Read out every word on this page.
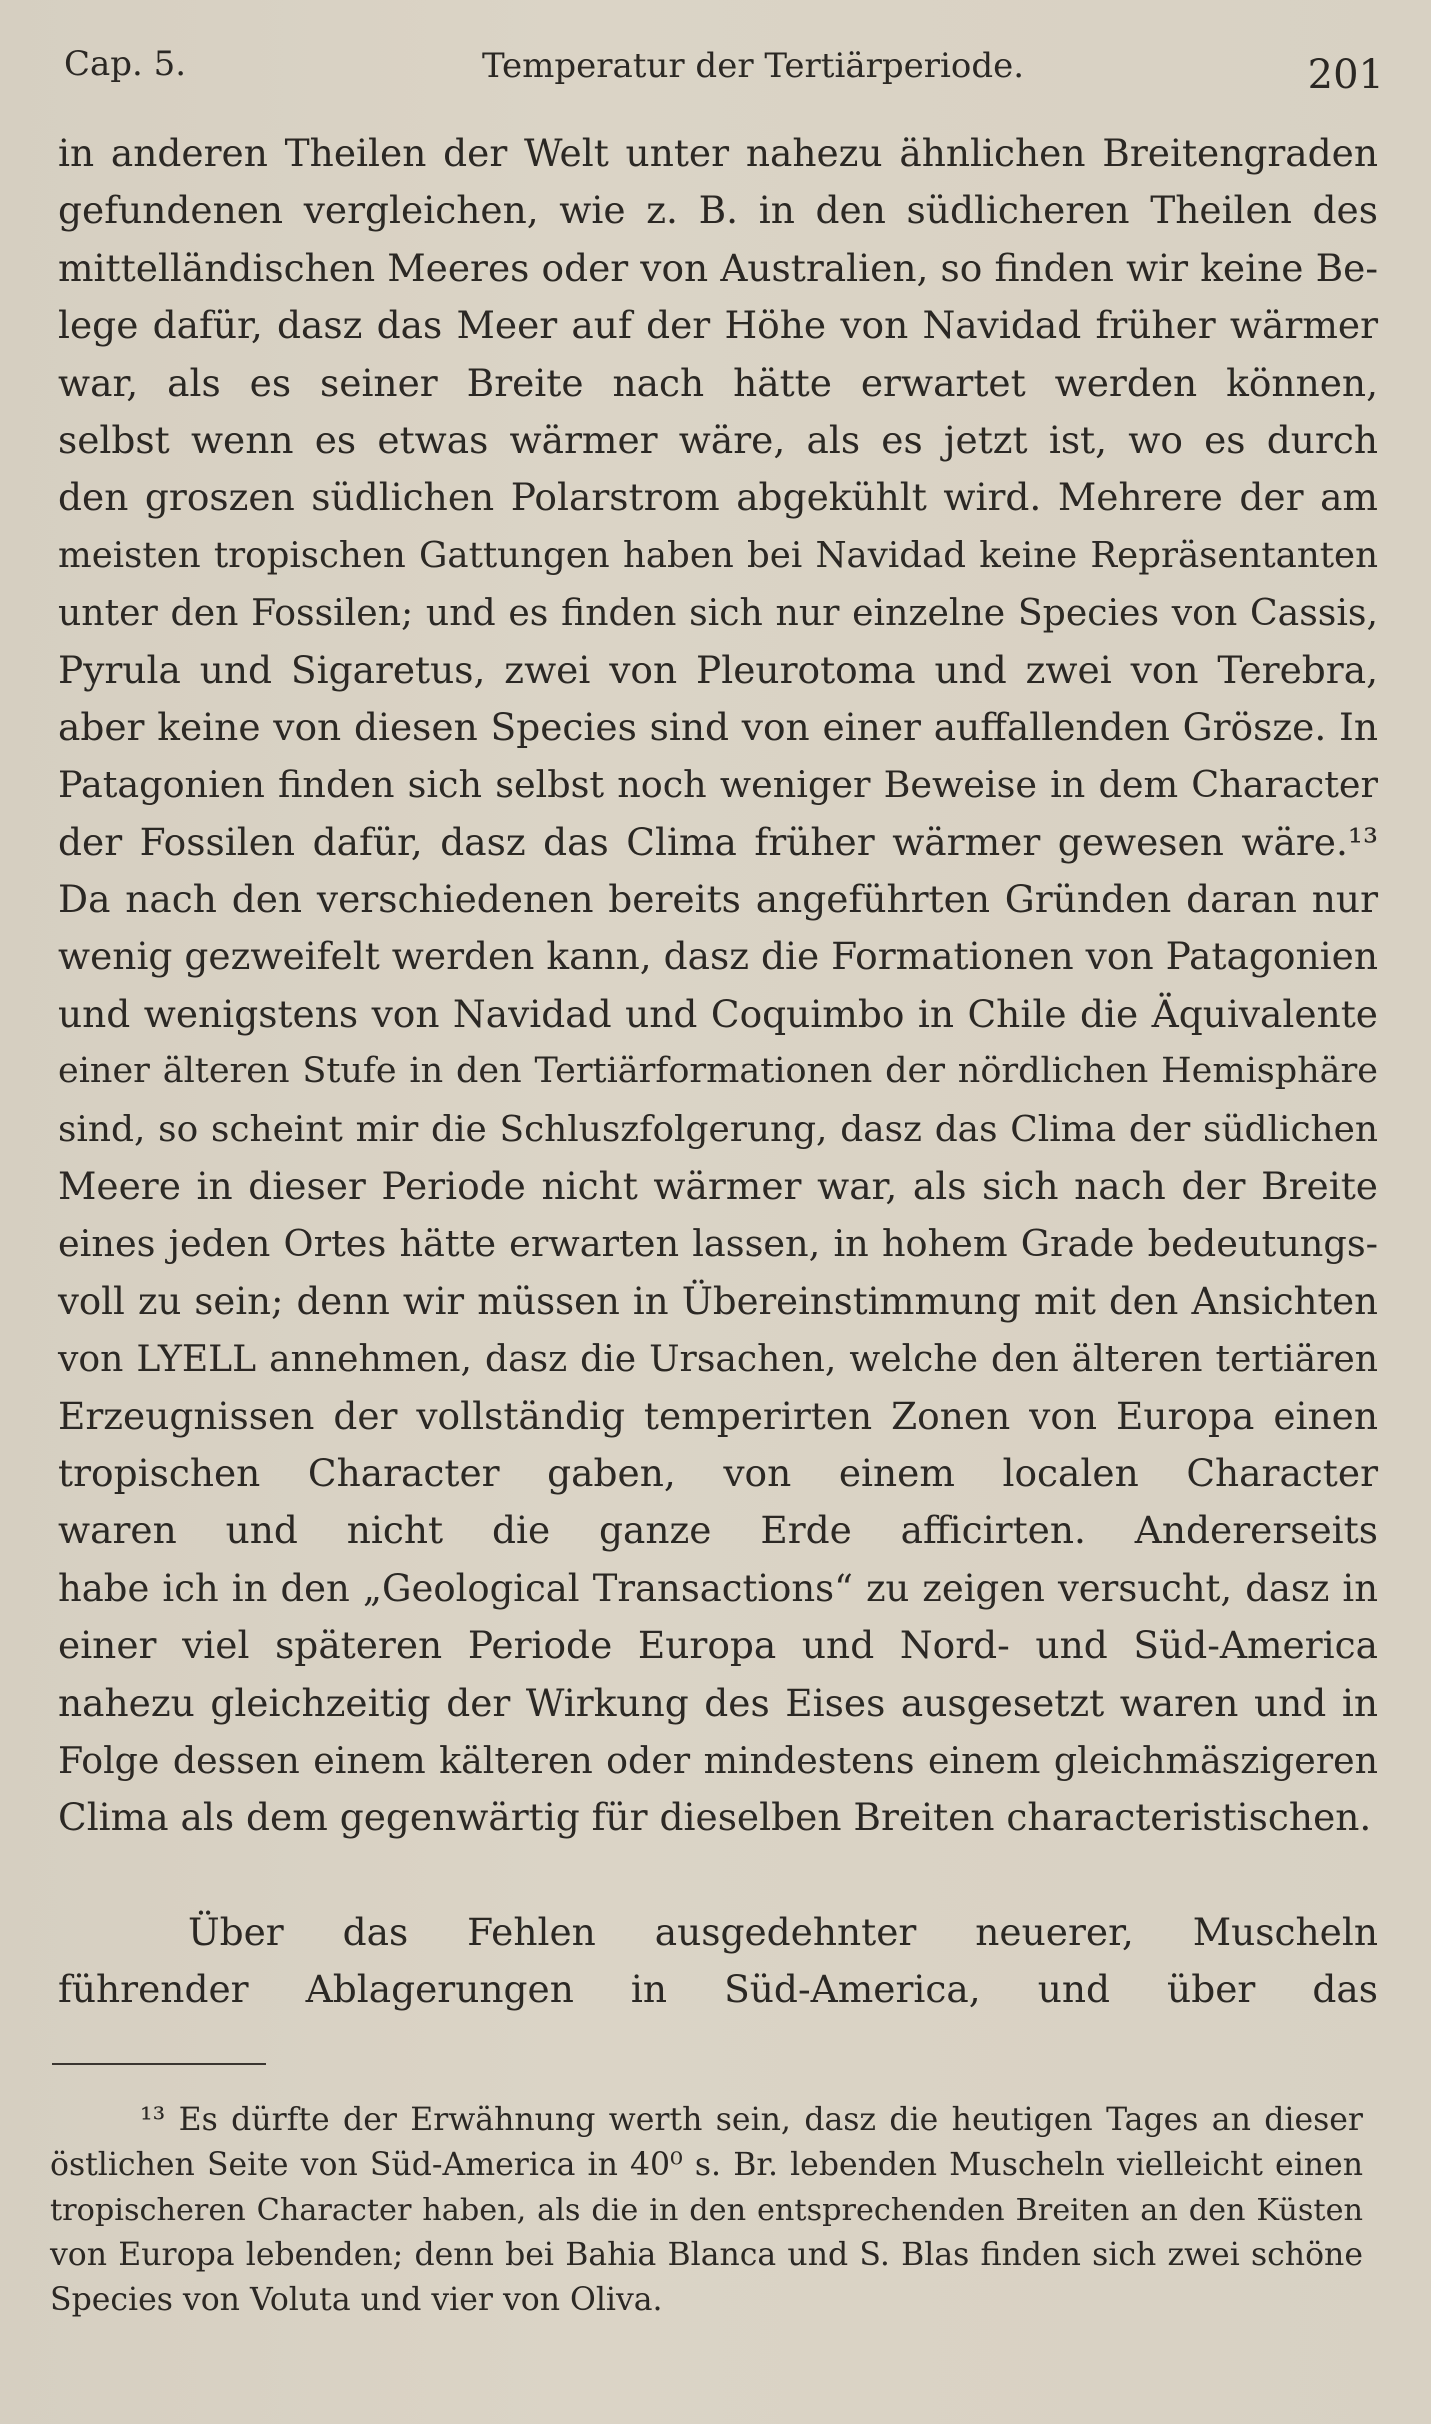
Cap. 5.	Temperatur der Tertiärperiode.	201
in anderen Theilen der Welt unter nahezu ähnlichen Breitengraden
gefundenen vergleichen, wie z. B. in den südlicheren Theilen des
mittelländischen Meeres oder von Australien, so finden wir keine Be-
lege dafür, dasz das Meer auf der Höhe von Navidad früher wärmer
war, als es seiner Breite nach hätte erwartet werden können,
selbst wenn es etwas wärmer wäre, als es jetzt ist, wo es durch
den groszen südlichen Polarstrom abgekühlt wird. Mehrere der am
meisten tropischen Gattungen haben bei Navidad keine Repräsentanten
unter den Fossilen; und es finden sich nur einzelne Species von Cassis,
Pyrula und Sigaretus, zwei von Pleurotoma und zwei von Terebra,
aber keine von diesen Species sind von einer auffallenden Grösze. In
Patagonien finden sich selbst noch weniger Beweise in dem Character
der Fossilen dafür, dasz das Clima früher wärmer gewesen wäre.¹³
Da nach den verschiedenen bereits angeführten Gründen daran nur
wenig gezweifelt werden kann, dasz die Formationen von Patagonien
und wenigstens von Navidad und Coquimbo in Chile die Äquivalente
einer älteren Stufe in den Tertiärformationen der nördlichen Hemisphäre
sind, so scheint mir die Schluszfolgerung, dasz das Clima der südlichen
Meere in dieser Periode nicht wärmer war, als sich nach der Breite
eines jeden Ortes hätte erwarten lassen, in hohem Grade bedeutungs-
voll zu sein; denn wir müssen in Übereinstimmung mit den Ansichten
von LYELL annehmen, dasz die Ursachen, welche den älteren tertiären
Erzeugnissen der vollständig temperirten Zonen von Europa einen
tropischen Character gaben, von einem localen Character
waren und nicht die ganze Erde afficirten. Andererseits
habe ich in den „Geological Transactions“ zu zeigen versucht, dasz in
einer viel späteren Periode Europa und Nord- und Süd-America
nahezu gleichzeitig der Wirkung des Eises ausgesetzt waren und in
Folge dessen einem kälteren oder mindestens einem gleichmäszigeren
Clima als dem gegenwärtig für dieselben Breiten characteristischen.
Über das Fehlen ausgedehnter neuerer, Muscheln
führender Ablagerungen in Süd-America, und über das
¹³ Es dürfte der Erwähnung werth sein, dasz die heutigen Tages an dieser
östlichen Seite von Süd-America in 40⁰ s. Br. lebenden Muscheln vielleicht einen
tropischeren Character haben, als die in den entsprechenden Breiten an den Küsten
von Europa lebenden; denn bei Bahia Blanca und S. Blas finden sich zwei schöne
Species von Voluta und vier von Oliva.
